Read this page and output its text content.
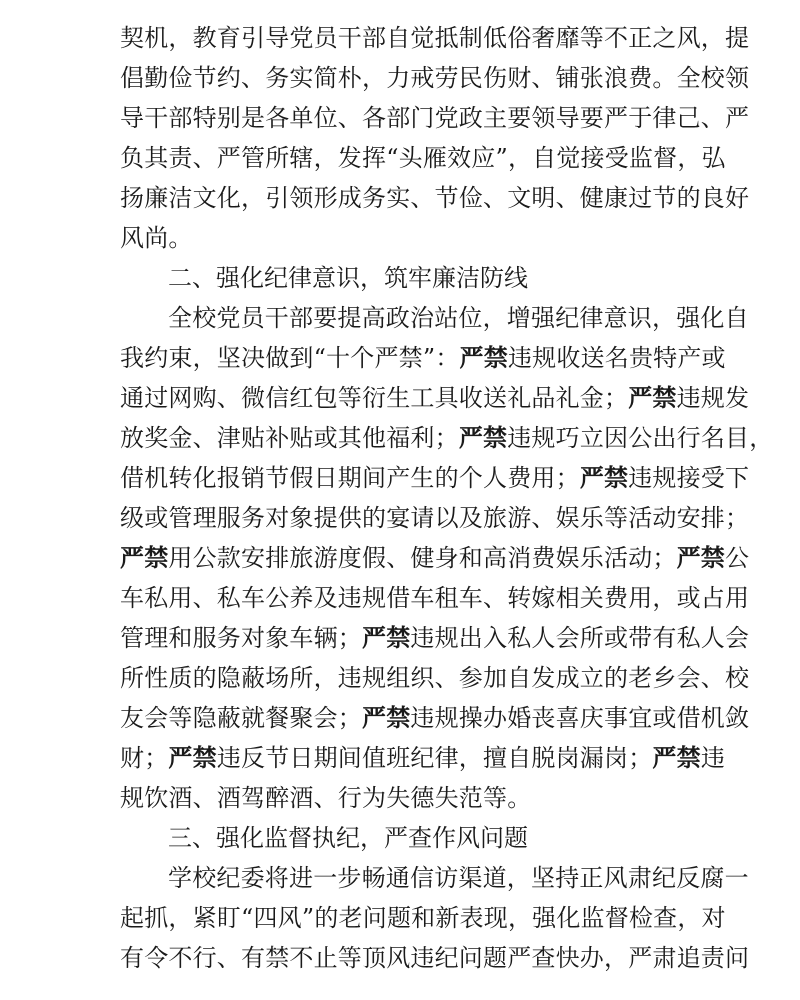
契机，教育引导党员干部自觉抵制低俗奢靡等不正之风，提
倡勤俭节约、务实简朴，力戒劳民伤财、铺张浪费。全校领
导干部特别是各单位、各部门党政主要领导要严于律己、严
负其责、严管所辖，发挥“头雁效应”，自觉接受监督，弘
扬廉洁文化，引领形成务实、节俭、文明、健康过节的良好
风尚。
二、强化纪律意识，筑牢廉洁防线
全校党员干部要提高政治站位，增强纪律意识，强化自
我约束，坚决做到“十个严禁”：严禁违规收送名贵特产或
通过网购、微信红包等衍生工具收送礼品礼金；严禁违规发
放奖金、津贴补贴或其他福利；严禁违规巧立因公出行名目，
借机转化报销节假日期间产生的个人费用；严禁违规接受下
级或管理服务对象提供的宴请以及旅游、娱乐等活动安排；
严禁用公款安排旅游度假、健身和高消费娱乐活动；严禁公
车私用、私车公养及违规借车租车、转嫁相关费用，或占用
管理和服务对象车辆；严禁违规出入私人会所或带有私人会
所性质的隐蔽场所，违规组织、参加自发成立的老乡会、校
友会等隐蔽就餐聚会；严禁违规操办婚丧喜庆事宜或借机敛
财；严禁违反节日期间值班纪律，擅自脱岗漏岗；严禁违
规饮酒、酒驾醉酒、行为失德失范等。
三、强化监督执纪，严查作风问题
学校纪委将进一步畅通信访渠道，坚持正风肃纪反腐一
起抓，紧盯“四风”的老问题和新表现，强化监督检查，对
有令不行、有禁不止等顶风违纪问题严查快办，严肃追责问
